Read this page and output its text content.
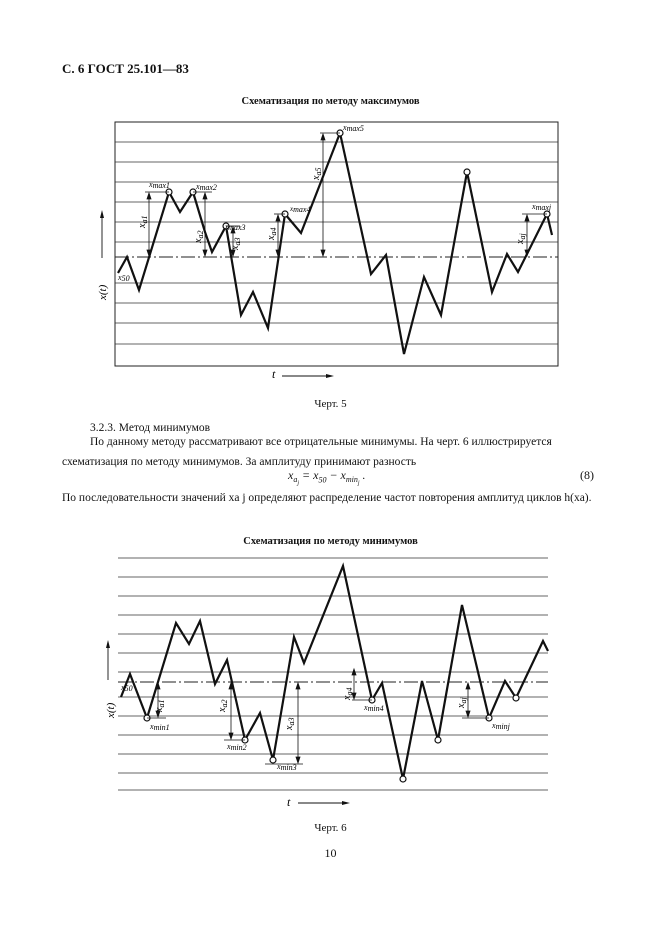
С. 6 ГОСТ 25.101—83
Схематизация по методу максимумов
$x_{a1}$
$x_{a2}$
$x_{a3}$ $x_{a4}$
$x_{a5}$
$x_{aj}$
xmax1	xmax2
xmax3
xmax4
xmax5
xmaxj
x50
x(t)
t
$x_{a1}$
$x_{a2}$
$x_{a3}$
$x_{a4}$
$x_{aj}$
xmin1
xmin2
xmin3
xmin4
xminj
x50
x(t)
t
Черт. 5
3.2.3. Метод минимумов
По данному методу рассматривают все отрицательные минимумы. На черт. 6 иллюстрируется схематизация по методу минимумов. За амплитуду принимают разность
$x_{a_j} = x_{50} - x_{min_j}$ .	(8)
По последовательности значений xa j определяют распределение частот повторения амплитуд циклов h(xa).
Схематизация по методу минимумов
Черт. 6
10
